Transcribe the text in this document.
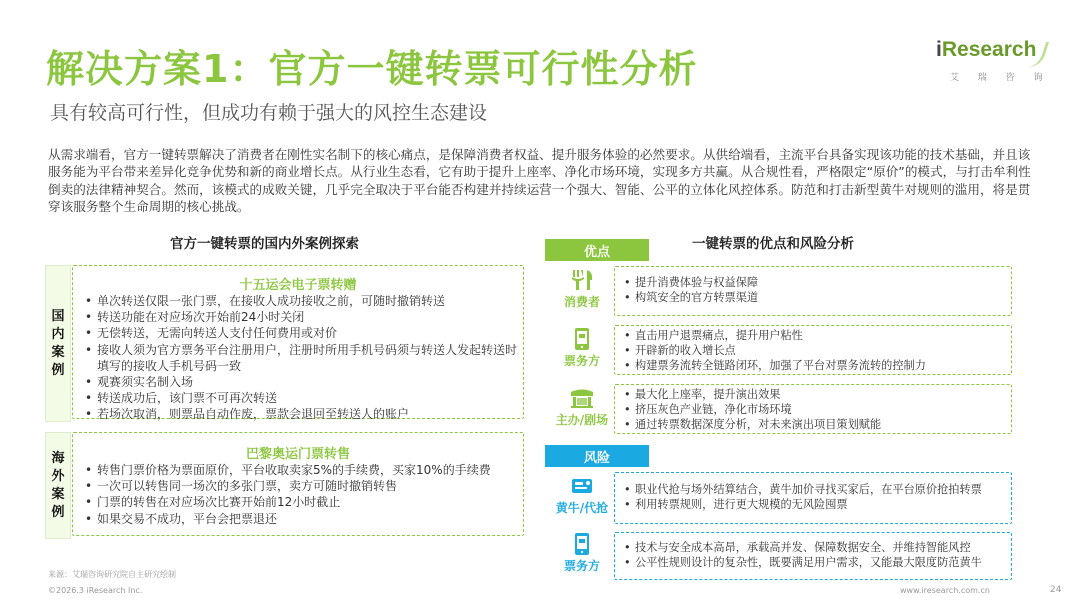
解决方案1：官方一键转票可行性分析
具有较高可行性，但成功有赖于强大的风控生态建设
iResearch
艾 瑞 咨 询
从需求端看，官方一键转票解决了消费者在刚性实名制下的核心痛点，是保障消费者权益、提升服务体验的必然要求。从供给端看，主流平台具备实现该功能的技术基础，并且该服务能为平台带来差异化竞争优势和新的商业增长点。从行业生态看，它有助于提升上座率、净化市场环境，实现多方共赢。从合规性看，严格限定“原价”的模式，与打击牟利性倒卖的法律精神契合。然而，该模式的成败关键，几乎完全取决于平台能否构建并持续运营一个强大、智能、公平的立体化风控体系。防范和打击新型黄牛对规则的滥用，将是贯穿该服务整个生命周期的核心挑战。
官方一键转票的国内外案例探索
国
内
案
例
十五运会电子票转赠
• 单次转送仅限一张门票，在接收人成功接收之前，可随时撤销转送
• 转送功能在对应场次开始前24小时关闭
• 无偿转送，无需向转送人支付任何费用或对价
• 接收人须为官方票务平台注册用户，注册时所用手机号码须与转送人发起转送时填写的接收人手机号码一致
• 观赛须实名制入场
• 转送成功后，该门票不可再次转送
• 若场次取消，则票品自动作废，票款会退回至转送人的账户
海
外
案
例
巴黎奥运门票转售
• 转售门票价格为票面原价，平台收取卖家5%的手续费，买家10%的手续费
• 一次可以转售同一场次的多张门票，卖方可随时撤销转售
• 门票的转售在对应场次比赛开始前12小时截止
• 如果交易不成功，平台会把票退还
一键转票的优点和风险分析
优点
风险
• 提升消费体验与权益保障
• 构筑安全的官方转票渠道
• 直击用户退票痛点，提升用户粘性
• 开辟新的收入增长点
• 构建票务流转全链路闭环，加强了平台对票务流转的控制力
• 最大化上座率，提升演出效果
• 挤压灰色产业链，净化市场环境
• 通过转票数据深度分析，对未来演出项目策划赋能
• 职业代抢与场外结算结合，黄牛加价寻找买家后，在平台原价抢拍转票
• 利用转票规则，进行更大规模的无风险囤票
• 技术与安全成本高昂，承载高并发、保障数据安全、并维持智能风控
• 公平性规则设计的复杂性，既要满足用户需求，又能最大限度防范黄牛
消费者
票务方
主办/剧场
黄牛/代抢
票务方
来源：艾瑞咨询研究院自主研究绘制
©2026.3 iResearch Inc.	www.iresearch.com.cn	24
